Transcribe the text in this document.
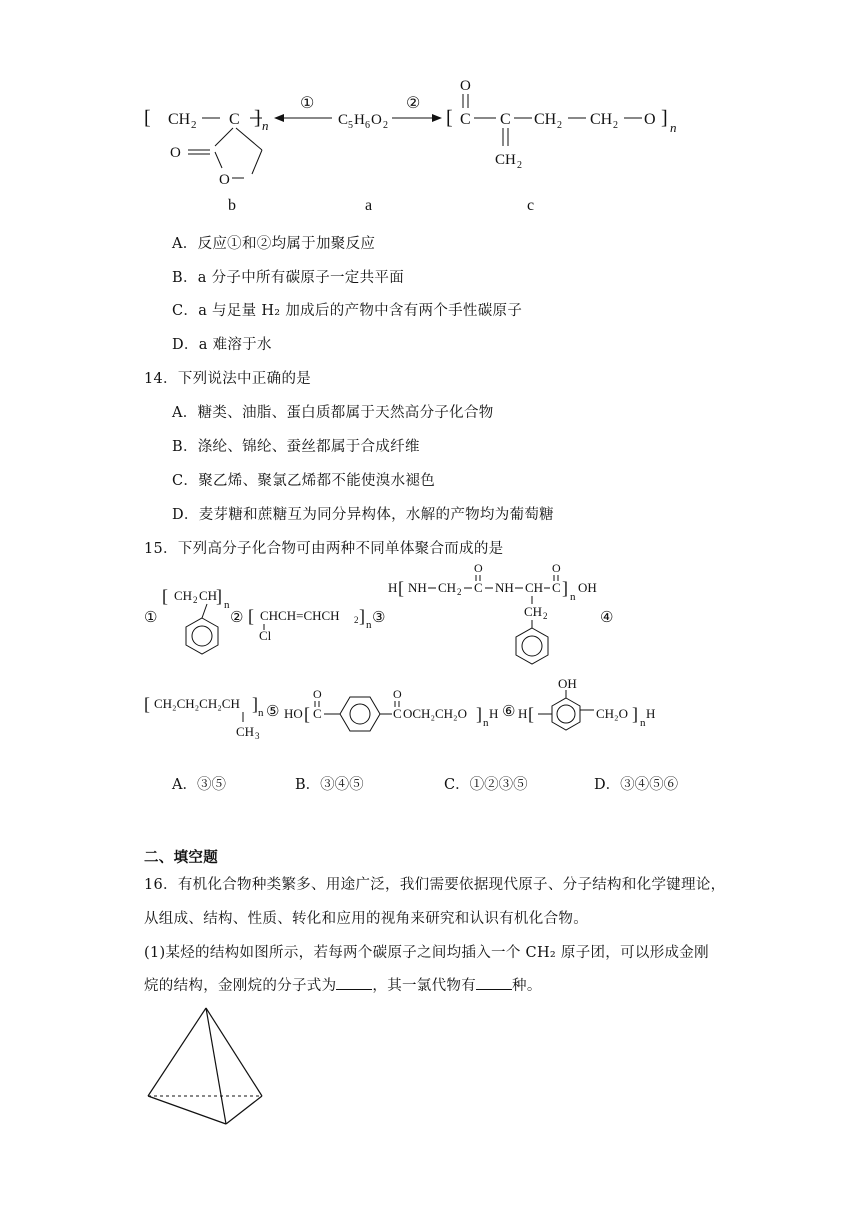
[ CH 2 C ] n
O
O
①
C 5 H 6 O 2
②
[ C
O
C
CH 2
CH 2 CH 2 O ] n
b	a	c
A．反应①和②均属于加聚反应
B．a 分子中所有碳原子一定共平面
C．a 与足量 H₂ 加成后的产物中含有两个手性碳原子
D．a 难溶于水
14．下列说法中正确的是
A．糖类、油脂、蛋白质都属于天然高分子化合物
B．涤纶、锦纶、蚕丝都属于合成纤维
C．聚乙烯、聚氯乙烯都不能使溴水褪色
D．麦芽糖和蔗糖互为同分异构体，水解的产物均为葡萄糖
15．下列高分子化合物可由两种不同单体聚合而成的是
①
[ CH 2 CH
] n
② [ CHCH=CHCH 2 ] n
Cl
③
H [ NH CH 2 C
O
NH CH C
O
] n
OH
CH 2	④
[ CH₂CH₂CH₂CH ] n
CH 3
⑤ HO [ C
O
C
O
OCH₂CH₂O ] n
H ⑥ H [
OH
CH₂O ] n
H
A．③⑤	B．③④⑤	C．①②③⑤	D．③④⑤⑥
二、填空题
16．有机化合物种类繁多、用途广泛，我们需要依据现代原子、分子结构和化学键理论，
从组成、结构、性质、转化和应用的视角来研究和认识有机化合物。
(1)某烃的结构如图所示，若每两个碳原子之间均插入一个 CH₂ 原子团，可以形成金刚
烷的结构，金刚烷的分子式为 ，其一氯代物有 种。
